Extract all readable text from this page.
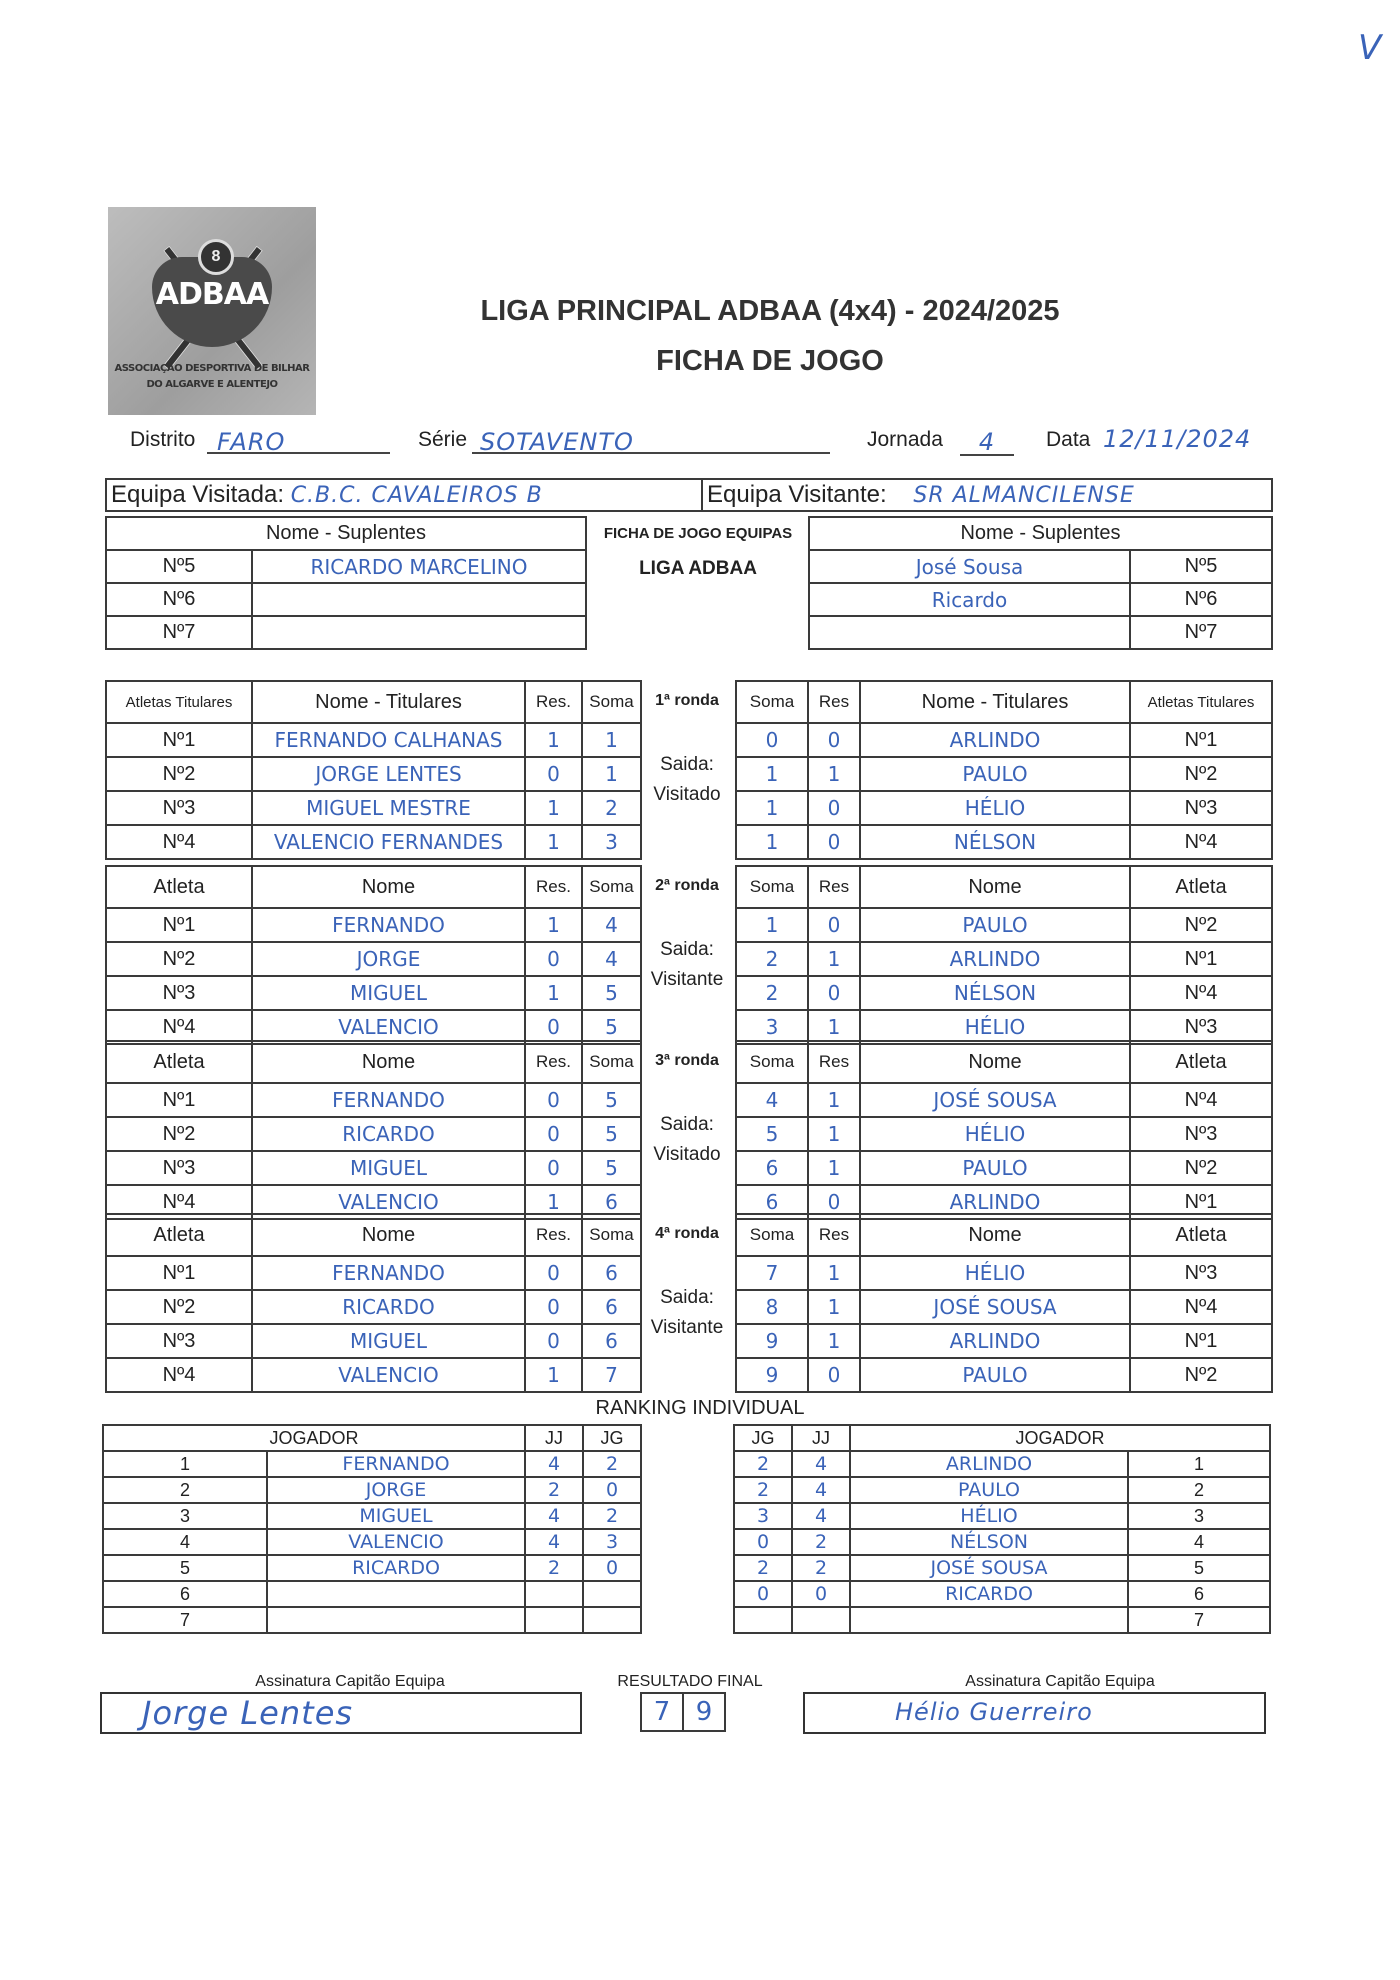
V
8
ADBAA
ASSOCIAÇÃO DESPORTIVA DE BILHAR
DO ALGARVE E ALENTEJO
LIGA PRINCIPAL ADBAA (4x4) - 2024/2025
FICHA DE JOGO
Distrito FARO	Série SOTAVENTO	Jornada	4	Data 12/11/2024
Equipa Visitada: C.B.C. CAVALEIROS B	Equipa Visitante: SR ALMANCILENSE
Nome - Suplentes	
Nº5	RICARDO MARCELINO
Nº6	
Nº7	
FICHA DE JOGO EQUIPAS
LIGA ADBAA
Nome - Suplentes	
José Sousa	Nº5
Ricardo	Nº6
	Nº7
Atletas Titulares	Nome - Titulares	Res.	Soma
Nº1	FERNANDO CALHANAS	1	1
Nº2	JORGE LENTES	0	1
Nº3	MIGUEL MESTRE	1	2
Nº4	VALENCIO FERNANDES	1	3
1ª ronda
Saida:
Visitado
Soma	Res	Nome - Titulares	Atletas Titulares
0	0	ARLINDO	Nº1
1	1	PAULO	Nº2
1	0	HÉLIO	Nº3
1	0	NÉLSON	Nº4
Atleta	Nome	Res.	Soma
Nº1	FERNANDO	1	4
Nº2	JORGE	0	4
Nº3	MIGUEL	1	5
Nº4	VALENCIO	0	5
2ª ronda
Saida:
Visitante
Soma	Res	Nome	Atleta
1	0	PAULO	Nº2
2	1	ARLINDO	Nº1
2	0	NÉLSON	Nº4
3	1	HÉLIO	Nº3
Atleta	Nome	Res.	Soma
Nº1	FERNANDO	0	5
Nº2	RICARDO	0	5
Nº3	MIGUEL	0	5
Nº4	VALENCIO	1	6
3ª ronda
Saida:
Visitado
Soma	Res	Nome	Atleta
4	1	JOSÉ SOUSA	Nº4
5	1	HÉLIO	Nº3
6	1	PAULO	Nº2
6	0	ARLINDO	Nº1
Atleta	Nome	Res.	Soma
Nº1	FERNANDO	0	6
Nº2	RICARDO	0	6
Nº3	MIGUEL	0	6
Nº4	VALENCIO	1	7
4ª ronda
Saida:
Visitante
Soma	Res	Nome	Atleta
7	1	HÉLIO	Nº3
8	1	JOSÉ SOUSA	Nº4
9	1	ARLINDO	Nº1
9	0	PAULO	Nº2
RANKING INDIVIDUAL
JOGADOR		JJ	JG
1	FERNANDO	4	2
2	JORGE	2	0
3	MIGUEL	4	2
4	VALENCIO	4	3
5	RICARDO	2	0
6			
7			
JG	JJ	JOGADOR	
2	4	ARLINDO	1
2	4	PAULO	2
3	4	HÉLIO	3
0	2	NÉLSON	4
2	2	JOSÉ SOUSA	5
0	0	RICARDO	6
			7
Assinatura Capitão Equipa
Jorge Lentes
RESULTADO FINAL
7	9
Assinatura Capitão Equipa
Hélio Guerreiro
